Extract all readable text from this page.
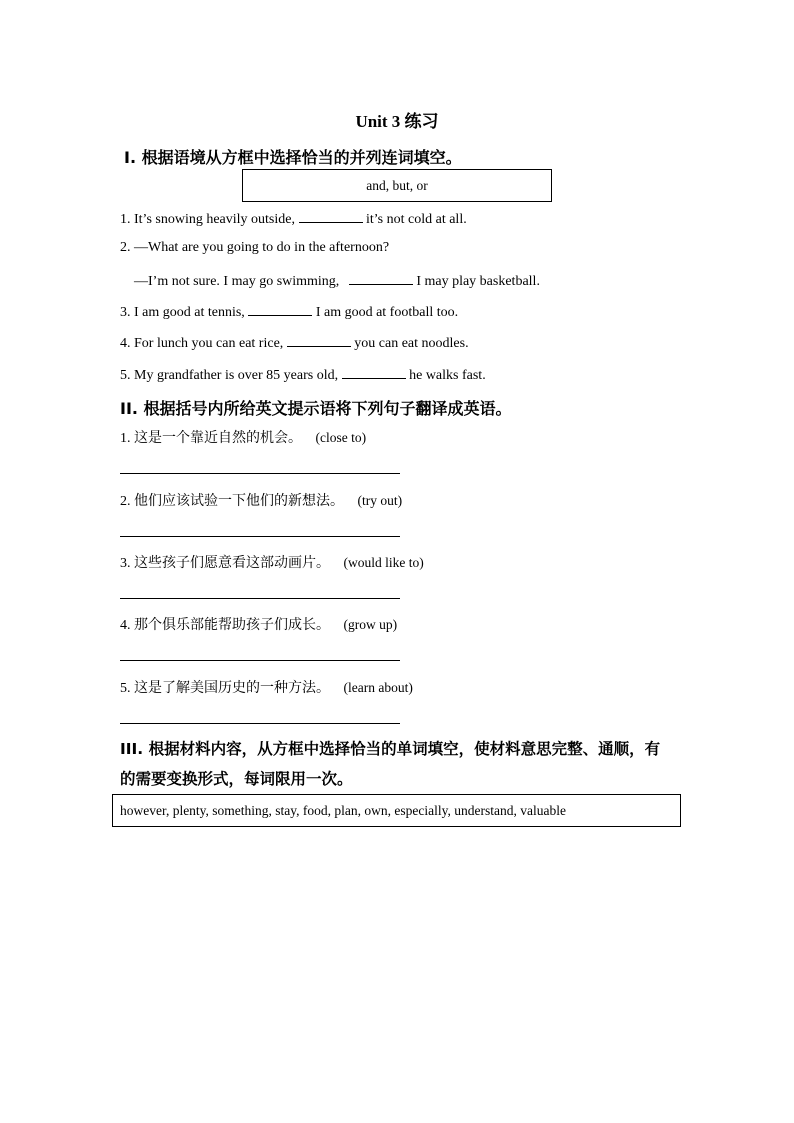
Unit 3 练习
Ⅰ. 根据语境从方框中选择恰当的并列连词填空。
and, but, or
1. It’s snowing heavily outside,	it’s not cold at all.
2. —What are you going to do in the afternoon?
—I’m not sure. I may go swimming,	I may play basketball.
3. I am good at tennis,	I am good at football too.
4. For lunch you can eat rice,	you can eat noodles.
5. My grandfather is over 85 years old,	he walks fast.
II. 根据括号内所给英文提示语将下列句子翻译成英语。
1. 这是一个靠近自然的机会。 (close to)
2. 他们应该试验一下他们的新想法。 (try out)
3. 这些孩子们愿意看这部动画片。 (would like to)
4. 那个俱乐部能帮助孩子们成长。 (grow up)
5. 这是了解美国历史的一种方法。 (learn about)
III. 根据材料内容，从方框中选择恰当的单词填空，使材料意思完整、通顺，有
的需要变换形式，每词限用一次。
however, plenty, something, stay, food, plan, own, especially, understand, valuable
